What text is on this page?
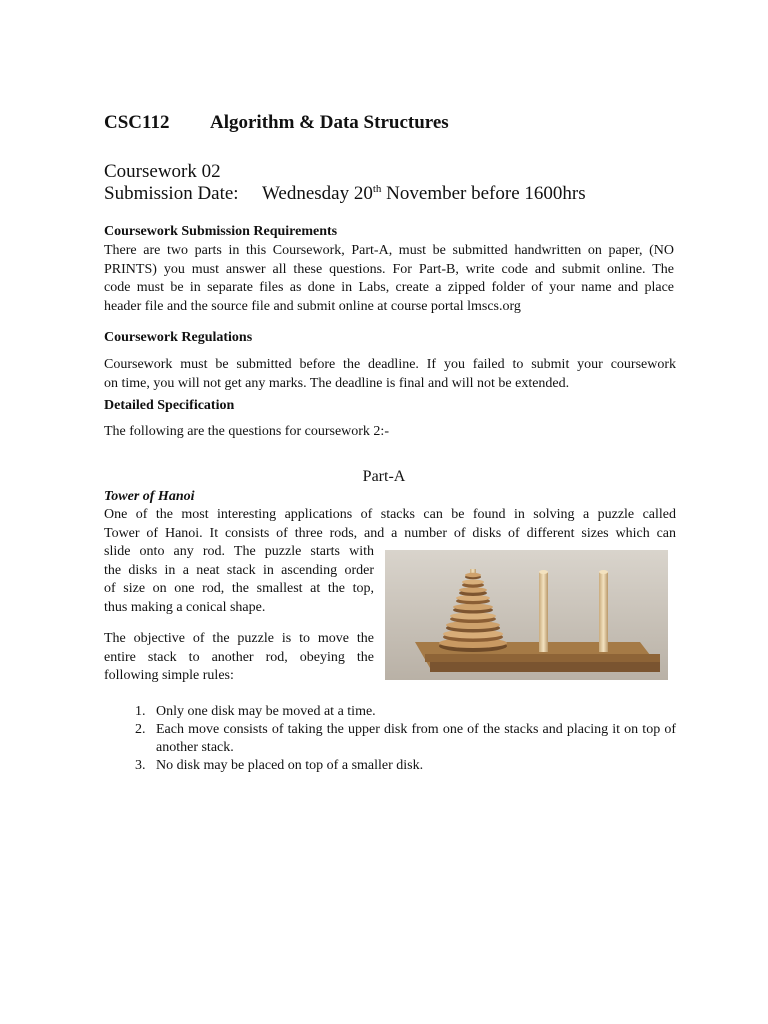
CSC112 Algorithm & Data Structures
Coursework 02
Submission Date: Wednesday 20th November before 1600hrs
Coursework Submission Requirements
There are two parts in this Coursework, Part-A, must be submitted handwritten on paper, (NO
PRINTS) you must answer all these questions. For Part-B, write code and submit online. The
code must be in separate files as done in Labs, create a zipped folder of your name and place
header file and the source file and submit online at course portal lmscs.org
Coursework Regulations
Coursework must be submitted before the deadline. If you failed to submit your coursework
on time, you will not get any marks. The deadline is final and will not be extended.
Detailed Specification
The following are the questions for coursework 2:-
Part-A
Tower of Hanoi
One of the most interesting applications of stacks can be found in solving a puzzle called
Tower of Hanoi. It consists of three rods, and a number of disks of different sizes which can
slide onto any rod. The puzzle starts with
the disks in a neat stack in ascending order
of size on one rod, the smallest at the top,
thus making a conical shape.
The objective of the puzzle is to move the
entire stack to another rod, obeying the
following simple rules:
1. Only one disk may be moved at a time.
2. Each move consists of taking the upper disk from one of the stacks and placing it on top of another stack.
3. No disk may be placed on top of a smaller disk.
